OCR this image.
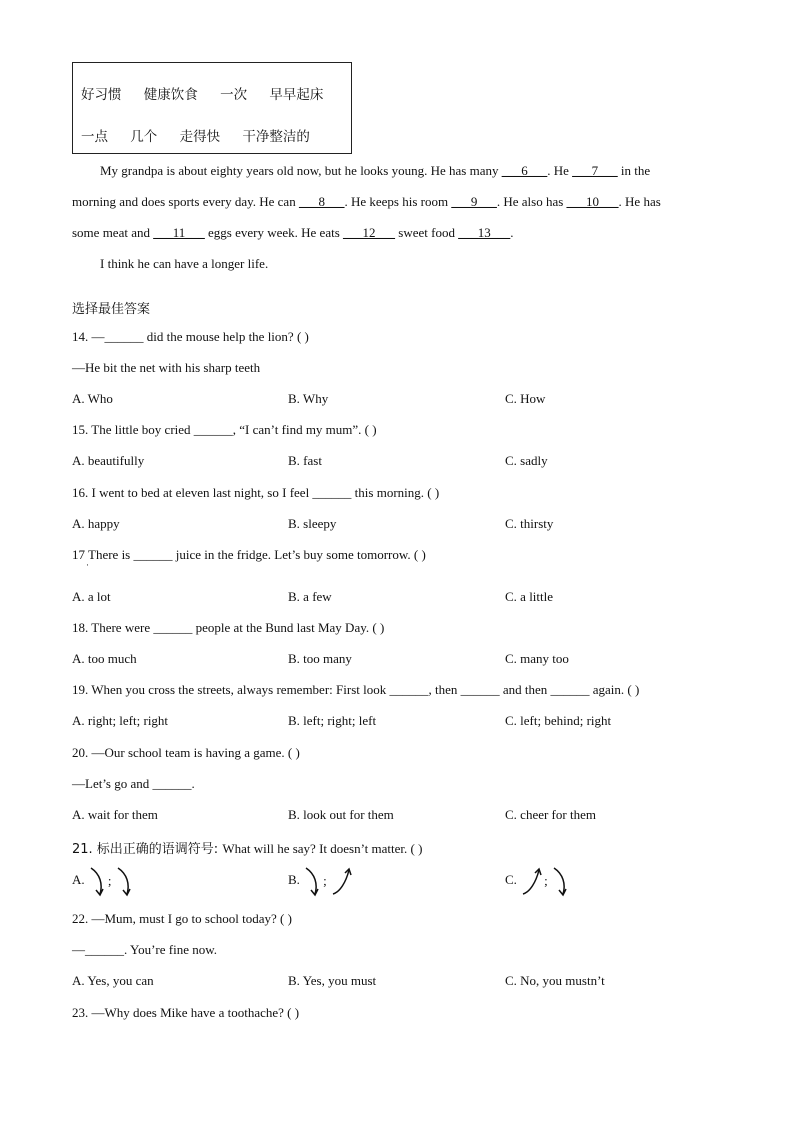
好习惯 健康饮食 一次 早早起床
一点 几个 走得快 干净整洁的
My grandpa is about eighty years old now, but he looks young. He has many ___6___. He ___7___ in the
morning and does sports every day. He can ___8___. He keeps his room ___9___. He also has ___10___. He has
some meat and ___11___ eggs every week. He eats ___12___ sweet food ___13___.
I think he can have a longer life.
选择最佳答案
14. —______ did the mouse help the lion? ( )
—He bit the net with his sharp teeth
A. Who	B. Why	C. How
15. The little boy cried ______, “I can’t find my mum”. ( )
A. beautifully	B. fast	C. sadly
16. I went to bed at eleven last night, so I feel ______ this morning. ( )
A. happy	B. sleepy	C. thirsty
17 There is ______ juice in the fridge. Let’s buy some tomorrow. ( )
·
A. a lot	B. a few	C. a little
18. There were ______ people at the Bund last May Day. ( )
A. too much	B. too many	C. many too
19. When you cross the streets, always remember: First look ______, then ______ and then ______ again. ( )
A. right; left; right	B. left; right; left	C. left; behind; right
20. —Our school team is having a game. ( )
—Let’s go and ______.
A. wait for them	B. look out for them	C. cheer for them
21. 标出正确的语调符号: What will he say? It doesn’t matter. ( )
A. ;	B. ;	C. ;
22. —Mum, must I go to school today? ( )
—______. You’re fine now.
A. Yes, you can	B. Yes, you must	C. No, you mustn’t
23. —Why does Mike have a toothache? ( )
